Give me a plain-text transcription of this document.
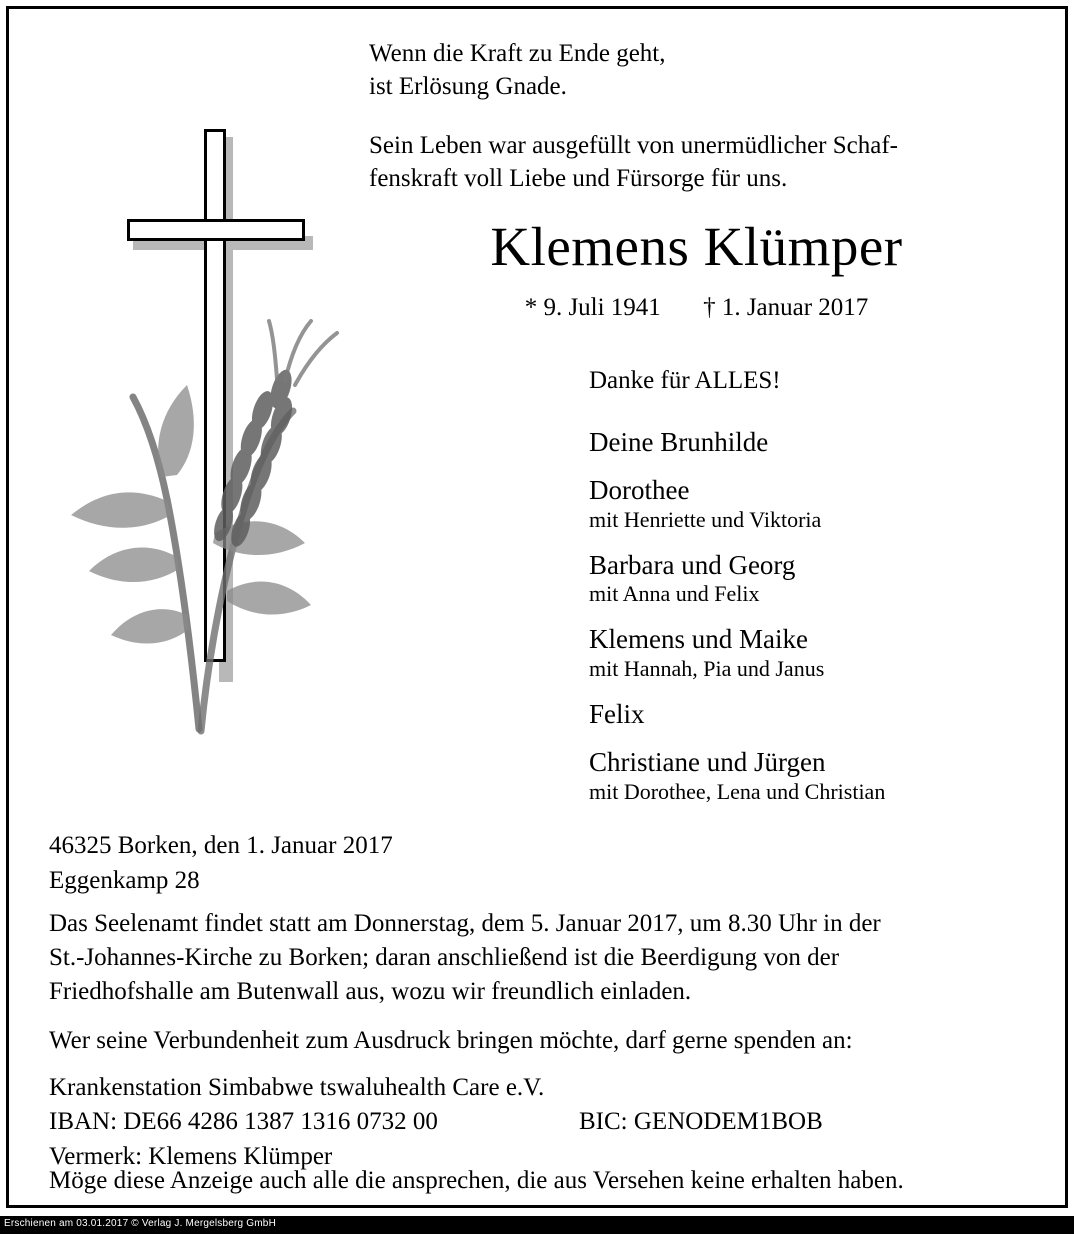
Wenn die Kraft zu Ende geht,
ist Erlösung Gnade.
Sein Leben war ausgefüllt von unermüdlicher Schaf-
fenskraft voll Liebe und Fürsorge für uns.
Klemens Klümper
* 9. Juli 1941 † 1. Januar 2017
Danke für ALLES!
Deine Brunhilde
Dorothee
mit Henriette und Viktoria
Barbara und Georg
mit Anna und Felix
Klemens und Maike
mit Hannah, Pia und Janus
Felix
Christiane und Jürgen
mit Dorothee, Lena und Christian
46325 Borken, den 1. Januar 2017
Eggenkamp 28
Das Seelenamt findet statt am Donnerstag, dem 5. Januar 2017, um 8.30 Uhr in der
St.-Johannes-Kirche zu Borken; daran anschließend ist die Beerdigung von der
Friedhofshalle am Butenwall aus, wozu wir freundlich einladen.
Wer seine Verbundenheit zum Ausdruck bringen möchte, darf gerne spenden an:
Krankenstation Simbabwe tswaluhealth Care e.V.
IBAN: DE66 4286 1387 1316 0732 00	BIC: GENODEM1BOB
Vermerk: Klemens Klümper
Möge diese Anzeige auch alle die ansprechen, die aus Versehen keine erhalten haben.
Erschienen am 03.01.2017 © Verlag J. Mergelsberg GmbH
